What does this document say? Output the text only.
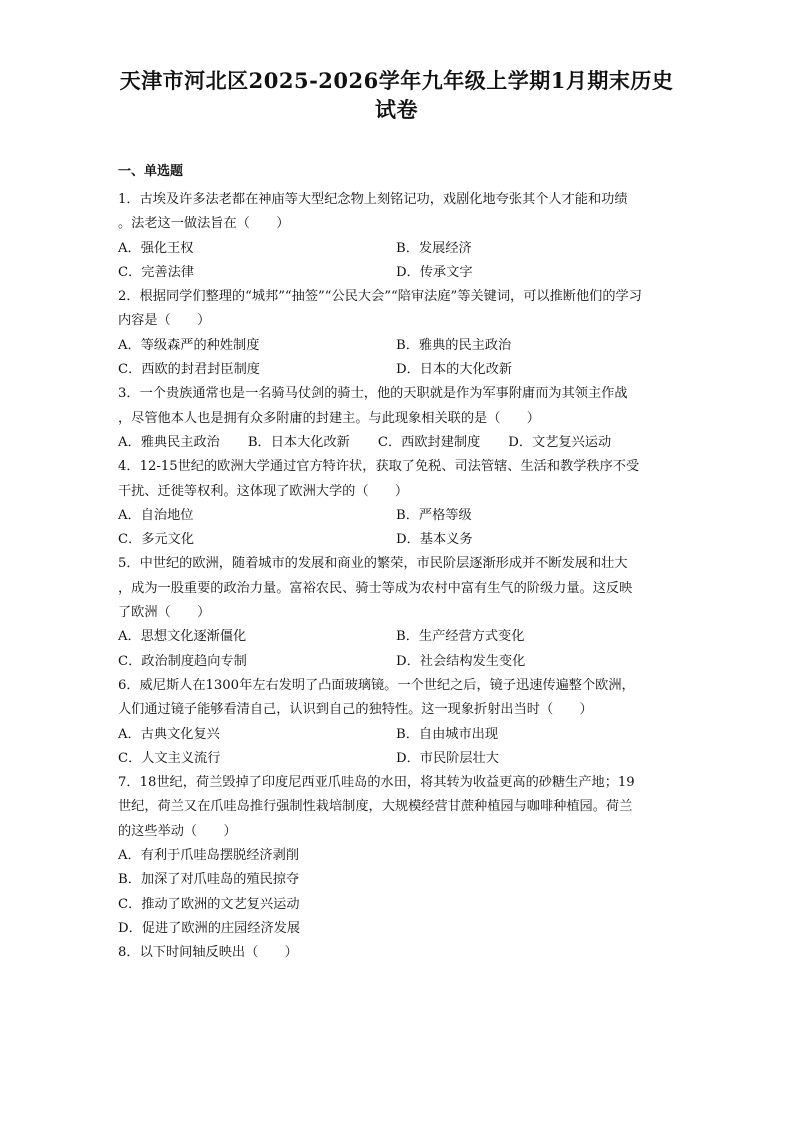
天津市河北区2025-2026学年九年级上学期1月期末历史
试卷
一、单选题

1．古埃及许多法老都在神庙等大型纪念物上刻铭记功，戏剧化地夸张其个人才能和功绩

。法老这一做法旨在（　　）

A．强化王权	B．发展经济
C．完善法律	D．传承文字

2．根据同学们整理的“城邦”“抽签”“公民大会”“陪审法庭”等关键词，可以推断他们的学习

内容是（　　）

A．等级森严的种姓制度	B．雅典的民主政治
C．西欧的封君封臣制度	D．日本的大化改新

3．一个贵族通常也是一名骑马仗剑的骑士，他的天职就是作为军事附庸而为其领主作战

，尽管他本人也是拥有众多附庸的封建主。与此现象相关联的是（　　）

A．雅典民主政治 B．日本大化改新 C．西欧封建制度 D．文艺复兴运动

4．12-15世纪的欧洲大学通过官方特许状，获取了免税、司法管辖、生活和教学秩序不受

干扰、迁徙等权利。这体现了欧洲大学的（　　）

A．自治地位	B．严格等级
C．多元文化	D．基本义务

5．中世纪的欧洲，随着城市的发展和商业的繁荣，市民阶层逐渐形成并不断发展和壮大

，成为一股重要的政治力量。富裕农民、骑士等成为农村中富有生气的阶级力量。这反映

了欧洲（　　）

A．思想文化逐渐僵化	B．生产经营方式变化
C．政治制度趋向专制	D．社会结构发生变化

6．威尼斯人在1300年左右发明了凸面玻璃镜。一个世纪之后，镜子迅速传遍整个欧洲，

人们通过镜子能够看清自己，认识到自己的独特性。这一现象折射出当时（　　）

A．古典文化复兴	B．自由城市出现
C．人文主义流行	D．市民阶层壮大

7．18世纪，荷兰毁掉了印度尼西亚爪哇岛的水田，将其转为收益更高的砂糖生产地；19

世纪，荷兰又在爪哇岛推行强制性栽培制度，大规模经营甘蔗种植园与咖啡种植园。荷兰

的这些举动（　　）

A．有利于爪哇岛摆脱经济剥削
B．加深了对爪哇岛的殖民掠夺
C．推动了欧洲的文艺复兴运动
D．促进了欧洲的庄园经济发展

8．以下时间轴反映出（　　）
